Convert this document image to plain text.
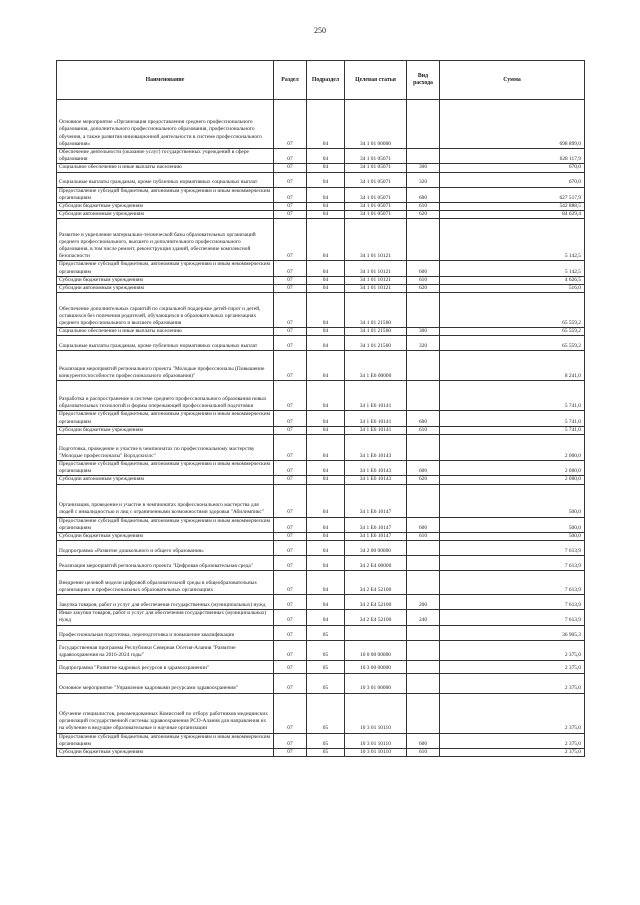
250
Наименование	Раздел	Подраздел	Целевая статья	Вид расхода	Сумма
Основное мероприятие «Организация предоставления среднего профессионального образования, дополнительного профессионального образования, профессионального обучения, а также развития инновационной деятельности в системе профессионального образования»	07	04	34 1 01 00000		698 899,0
Обеспечение деятельности (оказание услуг) государственных учреждений в сфере образования	07	04	34 1 01 05071		628 117,9
Социальное обеспечение и иные выплаты населению	07	04	34 1 01 05071	300	670,0
Социальные выплаты гражданам, кроме публичных нормативных социальных выплат	07	04	34 1 01 05071	320	670,0
Предоставление субсидий бюджетным, автономным учреждениям и иным некоммерческим организациям	07	04	34 1 01 05071	600	627 517,9
Субсидии бюджетным учреждениям	07	04	34 1 01 05071	610	542 888,5
Субсидии автономным учреждениям	07	04	34 1 01 05071	620	84 629,4
Развитие и укрепление материально-технической базы образовательных организаций среднего профессионального, высшего и дополнительного профессионального образования, в том числе ремонт, реконструкция зданий, обеспечение комплексной безопасности	07	04	34 1 01 10121		5 142,5
Предоставление субсидий бюджетным, автономным учреждениям и иным некоммерческим организациям	07	04	34 1 01 10121	600	5 142,5
Субсидии бюджетным учреждениям	07	04	34 1 01 10121	610	4 626,5
Субсидии автономным учреждениям	07	04	34 1 01 10121	620	516,0
Обеспечение дополнительных гарантий по социальной поддержке детей-сирот и детей, оставшихся без попечения родителей, обучающихся в образовательных организациях среднего профессионального и высшего образования	07	04	34 1 01 21560		65 559,2
Социальное обеспечение и иные выплаты населению	07	04	34 1 01 21560	300	65 559,2
Социальные выплаты гражданам, кроме публичных нормативных социальных выплат	07	04	34 1 01 21560	320	65 559,2
Реализация мероприятий регионального проекта "Молодые профессионалы (Повышение конкурентоспособности профессионального образования)"	07	04	34 1 Е6 00000		8 241,0
Разработка и распространение в системе среднего профессионального образования новых образовательных технологий и формы опережающей профессиональной подготовки	07	04	34 1 Е6 10141		5 741,0
Предоставление субсидий бюджетным, автономным учреждениям и иным некоммерческим организациям	07	04	34 1 Е6 10141	600	5 741,0
Субсидии бюджетным учреждениям	07	04	34 1 Е6 10141	610	5 741,0
Подготовка, проведение и участие в чемпионатах по профессиональному мастерству "Молодые профессионалы" Ворлдскиллс"	07	04	34 1 Е6 10143		2 000,0
Предоставление субсидий бюджетным, автономным учреждениям и иным некоммерческим организациям	07	04	34 1 Е6 10143	600	2 000,0
Субсидии автономным учреждениям	07	04	34 1 Е6 10143	620	2 000,0
Организация, проведение и участие в чемпионатах профессионального мастерства для людей с инвалидностью и лиц с ограниченными возможностями здоровья "Абилимпикс"	07	04	34 1 Е6 10147		500,0
Предоставление субсидий бюджетным, автономным учреждениям и иным некоммерческим организациям	07	04	34 1 Е6 10147	600	500,0
Субсидии бюджетным учреждениям	07	04	34 1 Е6 10147	610	500,0
Подпрограмма «Развитие дошкольного и общего образования»	07	04	34 2 00 00000		7 613,9
Реализация мероприятий регионального проекта "Цифровая образовательная среда"	07	04	34 2 Е4 00000		7 613,9
Внедрение целевой модели цифровой образовательной среды в общеобразовательных организациях и профессиональных образовательных организациях	07	04	34 2 Е4 52100		7 613,9
Закупка товаров, работ и услуг для обеспечения государственных (муниципальных) нужд	07	04	34 2 Е4 52100	200	7 613,9
Иные закупки товаров, работ и услуг для обеспечения государственных (муниципальных) нужд	07	04	34 2 Е4 52100	240	7 613,9
Профессиональная подготовка, переподготовка и повышение квалификации	07	05			36 905,3
Государственная программа Республики Северная Осетия-Алания "Развитие здравоохранения на 2016-2024 годы"	07	05	10 0 00 00000		2 375,0
Подпрограмма "Развитие кадровых ресурсов в здравоохранении"	07	05	10 3 00 00000		2 375,0
Основное мероприятие "Управление кадровыми ресурсами здравоохранения"	07	05	10 3 01 00000		2 375,0
Обучение специалистов, рекомендованных Комиссией по отбору работников медицинских организаций государственной системы здравоохранения РСО-Алания для направления их на обучение в ведущие образовательные и научные организации	07	05	10 3 01 10110		2 375,0
Предоставление субсидий бюджетным, автономным учреждениям и иным некоммерческим организациям	07	05	10 3 01 10110	600	2 375,0
Субсидии бюджетным учреждениям	07	05	10 3 01 10110	610	2 375,0
